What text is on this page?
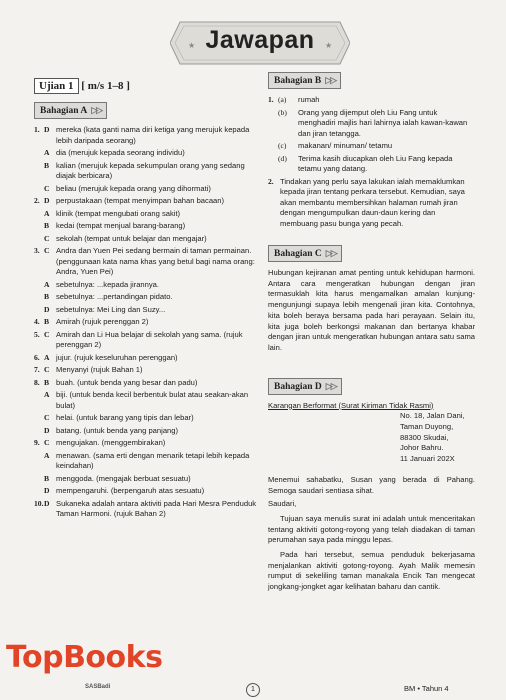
★	★
Jawapan
Ujian 1 [ m/s 1–8 ]
Bahagian A ▷▷
1. D mereka (kata ganti nama diri ketiga yang merujuk kepada lebih daripada seorang)
A dia (merujuk kepada seorang individu)
B kalian (merujuk kepada sekumpulan orang yang sedang diajak berbicara)
C beliau (merujuk kepada orang yang dihormati)
2. D perpustakaan (tempat menyimpan bahan bacaan)
A klinik (tempat mengubati orang sakit)
B kedai (tempat menjual barang-barang)
C sekolah (tempat untuk belajar dan mengajar)
3. C Andra dan Yuen Pei sedang bermain di taman permainan. (penggunaan kata nama khas yang betul bagi nama orang: Andra, Yuen Pei)
A sebetulnya: ...kepada jirannya.
B sebetulnya: ...pertandingan pidato.
D sebetulnya: Mei Ling dan Suzy...
4. B Amirah (rujuk perenggan 2)
5. C Amirah dan Li Hua belajar di sekolah yang sama. (rujuk perenggan 2)
6. A jujur. (rujuk keseluruhan perenggan)
7. C Menyanyi (rujuk Bahan 1)
8. B buah. (untuk benda yang besar dan padu)
A biji. (untuk benda kecil berbentuk bulat atau seakan-akan bulat)
C helai. (untuk barang yang tipis dan lebar)
D batang. (untuk benda yang panjang)
9. C mengujakan. (menggembirakan)
A menawan. (sama erti dengan menarik tetapi lebih kepada keindahan)
B menggoda. (mengajak berbuat sesuatu)
D mempengaruhi. (berpengaruh atas sesuatu)
10. D Sukaneka adalah antara aktiviti pada Hari Mesra Penduduk Taman Harmoni. (rujuk Bahan 2)
Bahagian B ▷▷
1. (a) rumah
(b) Orang yang dijemput oleh Liu Fang untuk menghadiri majlis hari lahirnya ialah kawan-kawan dan jiran tetangga.
(c) makanan/ minuman/ tetamu
(d) Terima kasih diucapkan oleh Liu Fang kepada tetamu yang datang.
2. Tindakan yang perlu saya lakukan ialah memaklumkan kepada jiran tentang perkara tersebut. Kemudian, saya akan membantu membersihkan halaman rumah jiran dengan mengumpulkan daun-daun kering dan membuang pasu bunga yang pecah.
Bahagian C ▷▷
Hubungan kejiranan amat penting untuk kehidupan harmoni. Antara cara mengeratkan hubungan dengan jiran termasuklah kita harus mengamalkan amalan kunjung-mengunjungi supaya lebih mengenali jiran kita. Contohnya, kita boleh beraya bersama pada hari perayaan. Selain itu, kita juga boleh berkongsi makanan dan bertanya khabar dengan jiran untuk mengeratkan hubungan antara satu sama lain.
Bahagian D ▷▷
Karangan Berformat (Surat Kiriman Tidak Rasmi)
No. 18, Jalan Dani,
Taman Duyong,
88300 Skudai,
Johor Bahru.
11 Januari 202X
Menemui sahabatku, Susan yang berada di Pahang. Semoga saudari sentiasa sihat.
Saudari,
Tujuan saya menulis surat ini adalah untuk menceritakan tentang aktiviti gotong-royong yang telah diadakan di taman perumahan saya pada minggu lepas.
Pada hari tersebut, semua penduduk bekerjasama menjalankan aktiviti gotong-royong. Ayah Malik memesin rumput di sekeliling taman manakala Encik Tan mengecat jongkang-jongket agar kelihatan baharu dan cantik.
TopBooks
SASBadi	1	BM • Tahun 4
